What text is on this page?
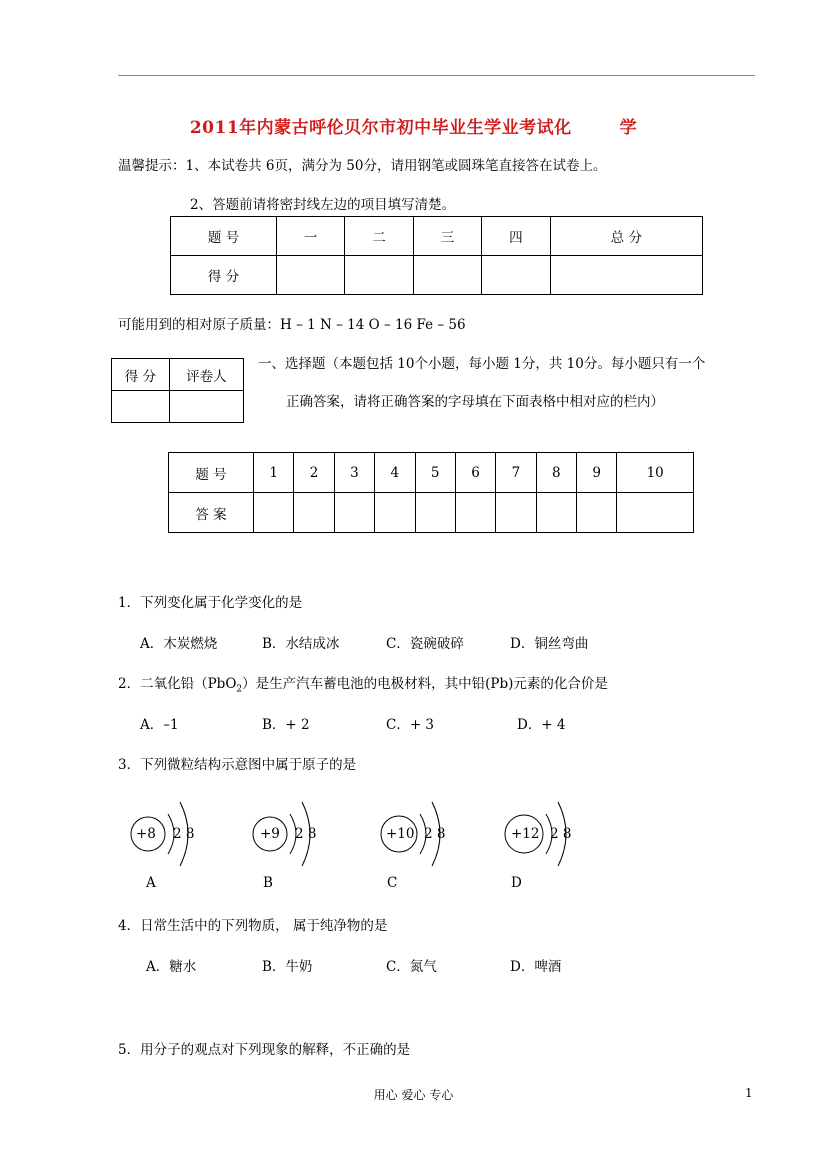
2011年内蒙古呼伦贝尔市初中毕业生学业考试化	学
温馨提示：1、本试卷共 6页，满分为 50分，请用钢笔或圆珠笔直接答在试卷上。
2、答题前请将密封线左边的项目填写清楚。
题 号	一	二	三	四	总 分
得 分					
可能用到的相对原子质量：H – 1 N – 14 O – 16 Fe – 56
得 分	评卷人

一、选择题（本题包括 10个小题，每小题 1分，共 10分。每小题只有一个
正确答案，请将正确答案的字母填在下面表格中相对应的栏内）
题 号	1	2	3	4	5	6	7	8	9	10
答 案										
1．下列变化属于化学变化的是
A．木炭燃烧	B．水结成冰	C．瓷碗破碎	D．铜丝弯曲
2．二氧化铅（PbO$_2$）是生产汽车蓄电池的电极材料，其中铅(Pb)元素的化合价是
A．–1	B．+ 2	C．+ 3	D．+ 4
3．下列微粒结构示意图中属于原子的是
+8 2 8
A
+9 2 8
B
+10 2 8
C
+12 2 8
D
4．日常生活中的下列物质， 属于纯净物的是
A．糖水	B．牛奶	C．氮气	D．啤酒
5．用分子的观点对下列现象的解释，不正确的是
用心 爱心 专心	1
